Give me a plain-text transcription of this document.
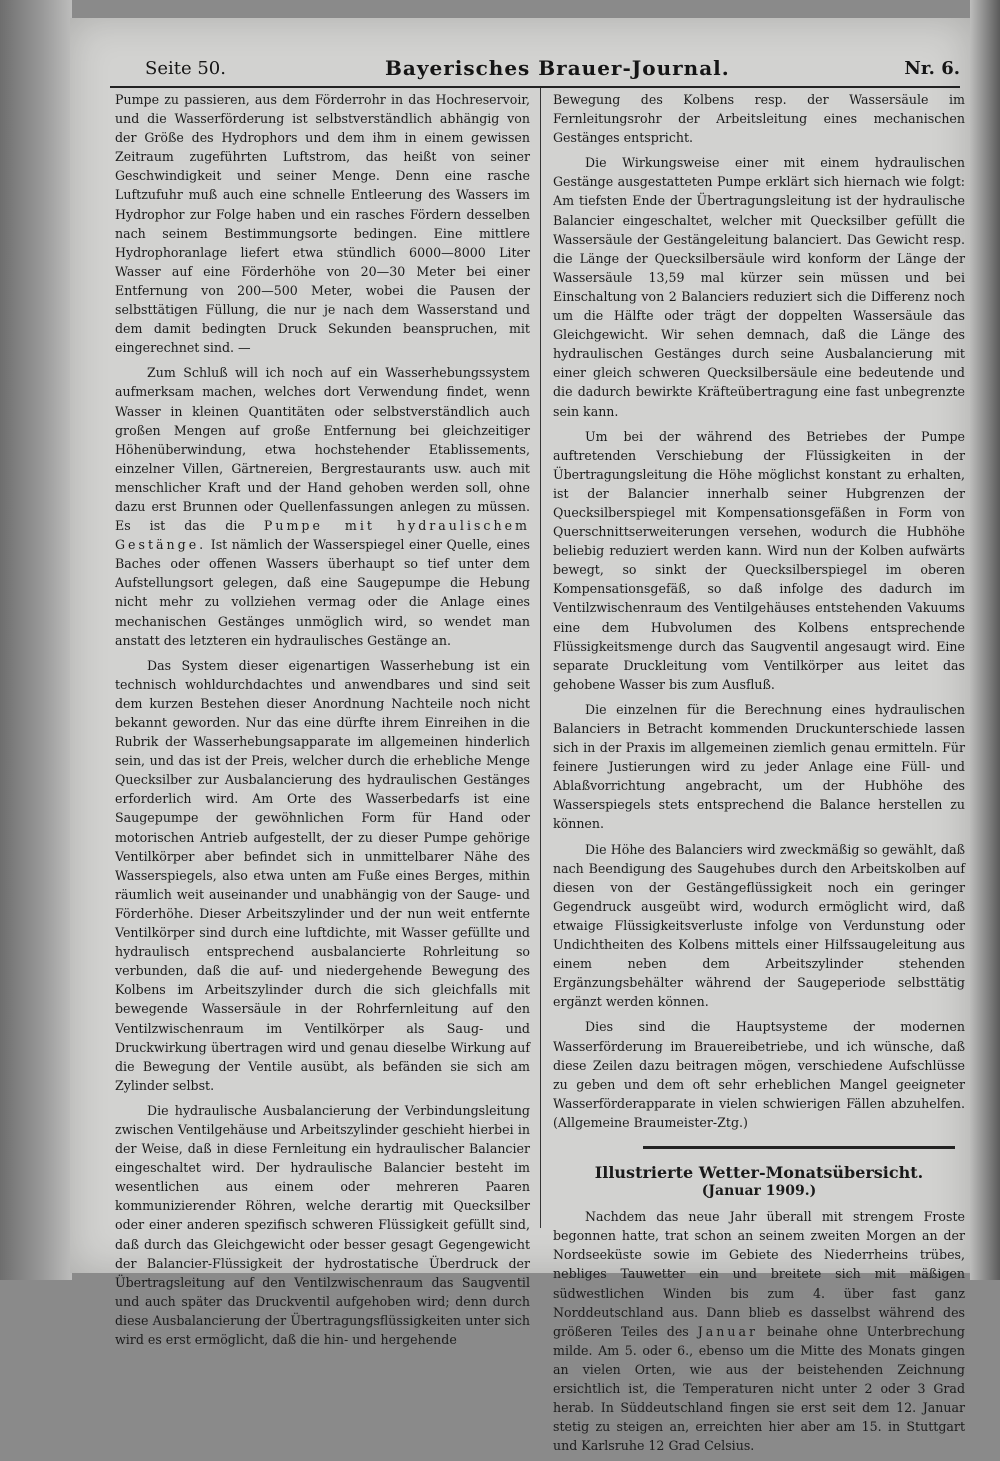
Seite 50.	Bayerisches Brauer-Journal.	Nr. 6.

Pumpe zu passieren, aus dem Förderrohr in das Hochreservoir, und die Wasserförderung ist selbstverständlich abhängig von der Größe des Hydrophors und dem ihm in einem gewissen Zeitraum zugeführten Luftstrom, das heißt von seiner Geschwindigkeit und seiner Menge. Denn eine rasche Luftzufuhr muß auch eine schnelle Entleerung des Wassers im Hydrophor zur Folge haben und ein rasches Fördern desselben nach seinem Bestimmungsorte bedingen. Eine mittlere Hydrophoranlage liefert etwa stündlich 6000—8000 Liter Wasser auf eine Förderhöhe von 20—30 Meter bei einer Entfernung von 200—500 Meter, wobei die Pausen der selbsttätigen Füllung, die nur je nach dem Wasserstand und dem damit bedingten Druck Sekunden beanspruchen, mit eingerechnet sind. —

Zum Schluß will ich noch auf ein Wasserhebungssystem aufmerksam machen, welches dort Verwendung findet, wenn Wasser in kleinen Quantitäten oder selbstverständlich auch großen Mengen auf große Entfernung bei gleichzeitiger Höhenüberwindung, etwa hochstehender Etablissements, einzelner Villen, Gärtnereien, Bergrestaurants usw. auch mit menschlicher Kraft und der Hand gehoben werden soll, ohne dazu erst Brunnen oder Quellenfassungen anlegen zu müssen. Es ist das die Pumpe mit hydraulischem Gestänge. Ist nämlich der Wasserspiegel einer Quelle, eines Baches oder offenen Wassers überhaupt so tief unter dem Aufstellungsort gelegen, daß eine Saugepumpe die Hebung nicht mehr zu vollziehen vermag oder die Anlage eines mechanischen Gestänges unmöglich wird, so wendet man anstatt des letzteren ein hydraulisches Gestänge an.

Das System dieser eigenartigen Wasserhebung ist ein technisch wohldurchdachtes und anwendbares und sind seit dem kurzen Bestehen dieser Anordnung Nachteile noch nicht bekannt geworden. Nur das eine dürfte ihrem Einreihen in die Rubrik der Wasserhebungsapparate im allgemeinen hinderlich sein, und das ist der Preis, welcher durch die erhebliche Menge Quecksilber zur Ausbalancierung des hydraulischen Gestänges erforderlich wird. Am Orte des Wasserbedarfs ist eine Saugepumpe der gewöhnlichen Form für Hand oder motorischen Antrieb aufgestellt, der zu dieser Pumpe gehörige Ventilkörper aber befindet sich in unmittelbarer Nähe des Wasserspiegels, also etwa unten am Fuße eines Berges, mithin räumlich weit auseinander und unabhängig von der Sauge- und Förderhöhe. Dieser Arbeitszylinder und der nun weit entfernte Ventilkörper sind durch eine luftdichte, mit Wasser gefüllte und hydraulisch entsprechend ausbalancierte Rohrleitung so verbunden, daß die auf- und niedergehende Bewegung des Kolbens im Arbeitszylinder durch die sich gleichfalls mit bewegende Wassersäule in der Rohrfernleitung auf den Ventilzwischenraum im Ventilkörper als Saug- und Druckwirkung übertragen wird und genau dieselbe Wirkung auf die Bewegung der Ventile ausübt, als befänden sie sich am Zylinder selbst.

Die hydraulische Ausbalancierung der Verbindungsleitung zwischen Ventilgehäuse und Arbeitszylinder geschieht hierbei in der Weise, daß in diese Fernleitung ein hydraulischer Balancier eingeschaltet wird. Der hydraulische Balancier besteht im wesentlichen aus einem oder mehreren Paaren kommunizierender Röhren, welche derartig mit Quecksilber oder einer anderen spezifisch schweren Flüssigkeit gefüllt sind, daß durch das Gleichgewicht oder besser gesagt Gegengewicht der Balancier-Flüssigkeit der hydrostatische Überdruck der Übertragsleitung auf den Ventilzwischenraum das Saugventil und auch später das Druckventil aufgehoben wird; denn durch diese Ausbalancierung der Übertragungsflüssigkeiten unter sich wird es erst ermöglicht, daß die hin- und hergehende

Bewegung des Kolbens resp. der Wassersäule im Fernleitungsrohr der Arbeitsleitung eines mechanischen Gestänges entspricht.

Die Wirkungsweise einer mit einem hydraulischen Gestänge ausgestatteten Pumpe erklärt sich hiernach wie folgt: Am tiefsten Ende der Übertragungsleitung ist der hydraulische Balancier eingeschaltet, welcher mit Quecksilber gefüllt die Wassersäule der Gestängeleitung balanciert. Das Gewicht resp. die Länge der Quecksilbersäule wird konform der Länge der Wassersäule 13,59 mal kürzer sein müssen und bei Einschaltung von 2 Balanciers reduziert sich die Differenz noch um die Hälfte oder trägt der doppelten Wassersäule das Gleichgewicht. Wir sehen demnach, daß die Länge des hydraulischen Gestänges durch seine Ausbalancierung mit einer gleich schweren Quecksilbersäule eine bedeutende und die dadurch bewirkte Kräfteübertragung eine fast unbegrenzte sein kann.

Um bei der während des Betriebes der Pumpe auftretenden Verschiebung der Flüssigkeiten in der Übertragungsleitung die Höhe möglichst konstant zu erhalten, ist der Balancier innerhalb seiner Hubgrenzen der Quecksilberspiegel mit Kompensationsgefäßen in Form von Querschnittserweiterungen versehen, wodurch die Hubhöhe beliebig reduziert werden kann. Wird nun der Kolben aufwärts bewegt, so sinkt der Quecksilberspiegel im oberen Kompensationsgefäß, so daß infolge des dadurch im Ventilzwischenraum des Ventilgehäuses entstehenden Vakuums eine dem Hubvolumen des Kolbens entsprechende Flüssigkeitsmenge durch das Saugventil angesaugt wird. Eine separate Druckleitung vom Ventilkörper aus leitet das gehobene Wasser bis zum Ausfluß.

Die einzelnen für die Berechnung eines hydraulischen Balanciers in Betracht kommenden Druckunterschiede lassen sich in der Praxis im allgemeinen ziemlich genau ermitteln. Für feinere Justierungen wird zu jeder Anlage eine Füll- und Ablaßvorrichtung angebracht, um der Hubhöhe des Wasserspiegels stets entsprechend die Balance herstellen zu können.

Die Höhe des Balanciers wird zweckmäßig so gewählt, daß nach Beendigung des Saugehubes durch den Arbeitskolben auf diesen von der Gestängeflüssigkeit noch ein geringer Gegendruck ausgeübt wird, wodurch ermöglicht wird, daß etwaige Flüssigkeitsverluste infolge von Verdunstung oder Undichtheiten des Kolbens mittels einer Hilfssaugeleitung aus einem neben dem Arbeitszylinder stehenden Ergänzungsbehälter während der Saugeperiode selbsttätig ergänzt werden können.

Dies sind die Hauptsysteme der modernen Wasserförderung im Brauereibetriebe, und ich wünsche, daß diese Zeilen dazu beitragen mögen, verschiedene Aufschlüsse zu geben und dem oft sehr erheblichen Mangel geeigneter Wasserförderapparate in vielen schwierigen Fällen abzuhelfen. (Allgemeine Braumeister-Ztg.)

Illustrierte Wetter-Monatsübersicht.
(Januar 1909.)

Nachdem das neue Jahr überall mit strengem Froste begonnen hatte, trat schon an seinem zweiten Morgen an der Nordseeküste sowie im Gebiete des Niederrheins trübes, nebliges Tauwetter ein und breitete sich mit mäßigen südwestlichen Winden bis zum 4. über fast ganz Norddeutschland aus. Dann blieb es dasselbst während des größeren Teiles des Januar beinahe ohne Unterbrechung milde. Am 5. oder 6., ebenso um die Mitte des Monats gingen an vielen Orten, wie aus der beistehenden Zeichnung ersichtlich ist, die Temperaturen nicht unter 2 oder 3 Grad herab. In Süddeutschland fingen sie erst seit dem 12. Januar stetig zu steigen an, erreichten hier aber am 15. in Stuttgart und Karlsruhe 12 Grad Celsius.
